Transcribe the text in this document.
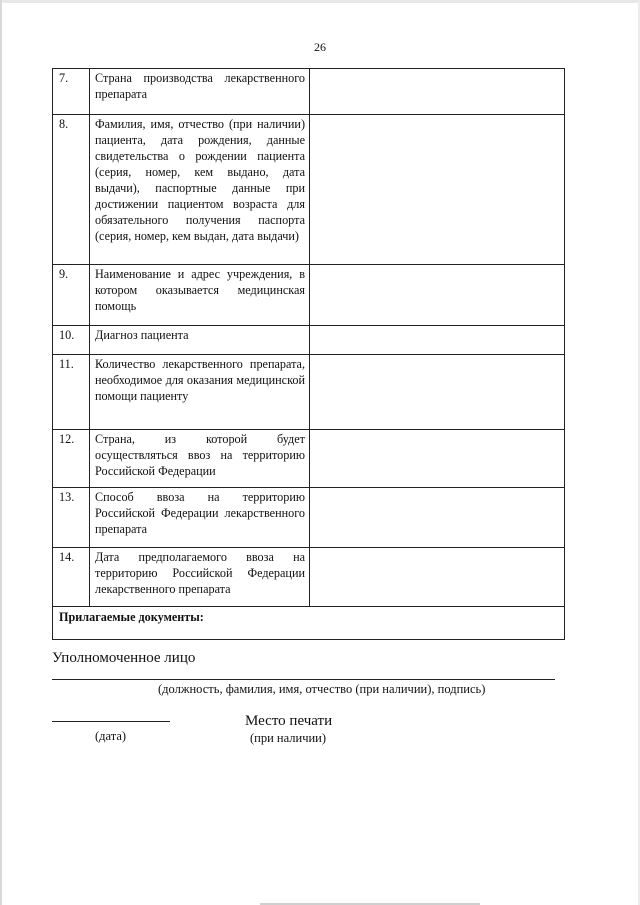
26
7.	Страна производства лекарственного препарата	
8.	Фамилия, имя, отчество (при наличии) пациента, дата рождения, данные свидетельства о рождении пациента (серия, номер, кем выдано, дата выдачи), паспортные данные при достижении пациентом возраста для обязательного получения паспорта (серия, номер, кем выдан, дата выдачи)	
9.	Наименование и адрес учреждения, в котором оказывается медицинская помощь	
10.	Диагноз пациента	
11.	Количество лекарственного препарата, необходимое для оказания медицинской помощи пациенту	
12.	Страна, из которой будет осуществляться ввоз на территорию Российской Федерации	
13.	Способ ввоза на территорию Российской Федерации лекарственного препарата	
14.	Дата предполагаемого ввоза на территорию Российской Федерации лекарственного препарата	
Прилагаемые документы:		
Уполномоченное лицо
(должность, фамилия, имя, отчество (при наличии), подпись)
(дата)
Место печати
(при наличии)
